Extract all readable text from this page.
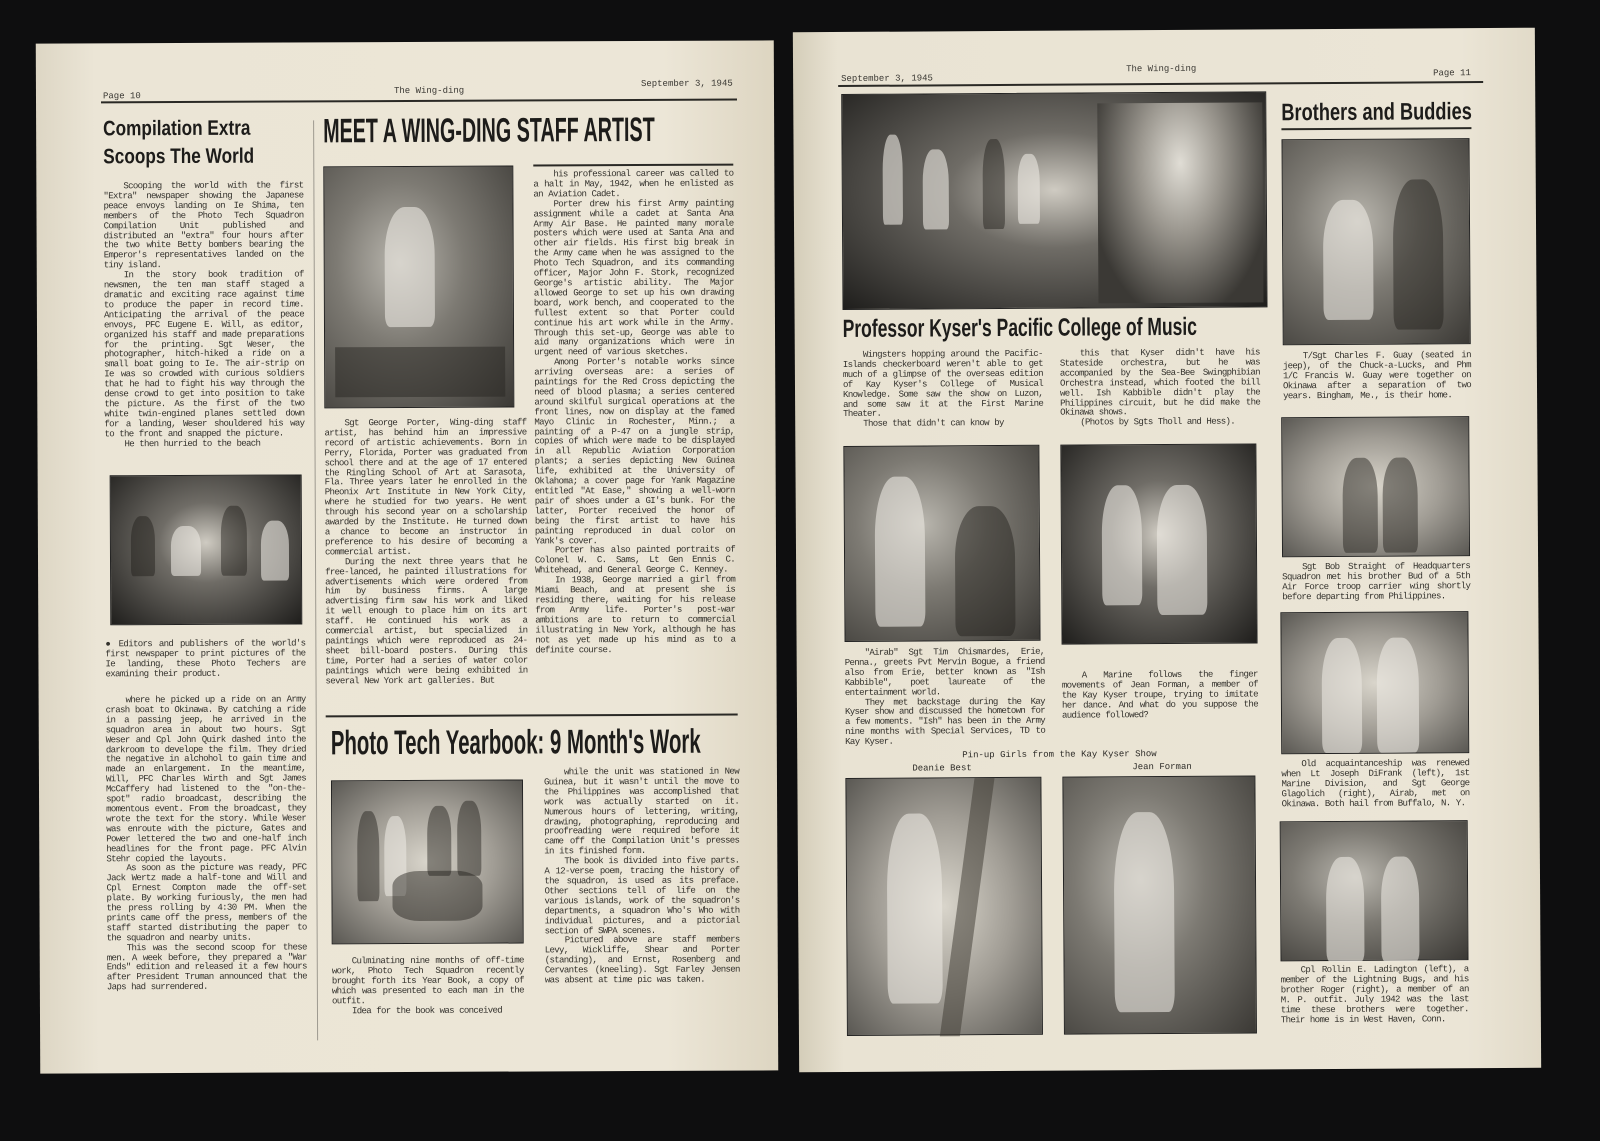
Page 10
The Wing-ding
September 3, 1945
Compilation Extra
Scoops The World

Scooping the world with the first "Extra" newspaper showing the Japanese peace envoys landing on Ie Shima, ten members of the Photo Tech Squadron Compilation Unit published and distributed an "extra" four hours after the two white Betty bombers bearing the Emperor's representatives landed on the tiny island.

In the story book tradition of newsmen, the ten man staff staged a dramatic and exciting race against time to produce the paper in record time. Anticipating the arrival of the peace envoys, PFC Eugene E. Will, as editor, organized his staff and made preparations for the printing. Sgt Weser, the photographer, hitch-hiked a ride on a small boat going to Ie. The air-strip on Ie was so crowded with curious soldiers that he had to fight his way through the dense crowd to get into position to take the picture. As the first of the two white twin-engined planes settled down for a landing, Weser shouldered his way to the front and snapped the picture.

He then hurried to the beach

● Editors and publishers of the world's first newspaper to print pictures of the Ie landing, these Photo Techers are examining their product.

where he picked up a ride on an Army crash boat to Okinawa. By catching a ride in a passing jeep, he arrived in the squadron area in about two hours. Sgt Weser and Cpl John Quirk dashed into the darkroom to develope the film. They dried the negative in alchohol to gain time and made an enlargement. In the meantime, Will, PFC Charles Wirth and Sgt James McCaffery had listened to the "on-the-spot" radio broadcast, describing the momentous event. From the broadcast, they wrote the text for the story. While Weser was enroute with the picture, Gates and Power lettered the two and one-half inch headlines for the front page. PFC Alvin Stehr copied the layouts.

As soon as the picture was ready, PFC Jack Wertz made a half-tone and Will and Cpl Ernest Compton made the off-set plate. By working furiously, the men had the press rolling by 4:30 PM. When the prints came off the press, members of the staff started distributing the paper to the squadron and nearby units.

This was the second scoop for these men. A week before, they prepared a "War Ends" edition and released it a few hours after President Truman announced that the Japs had surrendered.

MEET A WING-DING STAFF ARTIST

Sgt George Porter, Wing-ding staff artist, has behind him an impressive record of artistic achievements. Born in Perry, Florida, Porter was graduated from school there and at the age of 17 entered the Ringling School of Art at Sarasota, Fla. Three years later he enrolled in the Pheonix Art Institute in New York City, where he studied for two years. He went through his second year on a scholarship awarded by the Institute. He turned down a chance to become an instructor in preference to his desire of becoming a commercial artist.

During the next three years that he free-lanced, he painted illustrations for advertisements which were ordered from him by business firms. A large advertising firm saw his work and liked it well enough to place him on its art staff. He continued his work as a commercial artist, but specialized in paintings which were reproduced as 24-sheet bill-board posters. During this time, Porter had a series of water color paintings which were being exhibited in several New York art galleries. But

his professional career was called to a halt in May, 1942, when he enlisted as an Aviation Cadet.

Porter drew his first Army painting assignment while a cadet at Santa Ana Army Air Base. He painted many morale posters which were used at Santa Ana and other air fields. His first big break in the Army came when he was assigned to the Photo Tech Squadron, and its commanding officer, Major John F. Stork, recognized George's artistic ability. The Major allowed George to set up his own drawing board, work bench, and cooperated to the fullest extent so that Porter could continue his art work while in the Army. Through this set-up, George was able to aid many organizations which were in urgent need of various sketches.

Among Porter's notable works since arriving overseas are: a series of paintings for the Red Cross depicting the need of blood plasma; a series centered around skilful surgical operations at the front lines, now on display at the famed Mayo Clinic in Rochester, Minn.; a painting of a P-47 on a jungle strip, copies of which were made to be displayed in all Republic Aviation Corporation plants; a series depicting New Guinea life, exhibited at the University of Oklahoma; a cover page for Yank Magazine entitled "At Ease," showing a well-worn pair of shoes under a GI's bunk. For the latter, Porter received the honor of being the first artist to have his painting reproduced in dual color on Yank's cover.

Porter has also painted portraits of Colonel W. C. Sams, Lt Gen Ennis C. Whitehead, and General George C. Kenney.

In 1938, George married a girl from Miami Beach, and at present she is residing there, waiting for his release from Army life. Porter's post-war ambitions are to return to commercial illustrating in New York, although he has not as yet made up his mind as to a definite course.

Photo Tech Yearbook: 9 Month's Work

Culminating nine months of off-time work, Photo Tech Squadron recently brought forth its Year Book, a copy of which was presented to each man in the outfit.

Idea for the book was conceived

while the unit was stationed in New Guinea, but it wasn't until the move to the Philippines was accomplished that work was actually started on it. Numerous hours of lettering, writing, drawing, photographing, reproducing and proofreading were required before it came off the Compilation Unit's presses in its finished form.

The book is divided into five parts. A 12-verse poem, tracing the history of the squadron, is used as its preface. Other sections tell of life on the various islands, work of the squadron's departments, a squadron Who's Who with individual pictures, and a pictorial section of SWPA scenes.

Pictured above are staff members Levy, Wickliffe, Shear and Porter (standing), and Ernst, Rosenberg and Cervantes (kneeling). Sgt Farley Jensen was absent at time pic was taken.

September 3, 1945
The Wing-ding	Page 11
Professor Kyser's Pacific College of Music

Wingsters hopping around the Pacific-Islands checkerboard weren't able to get much of a glimpse of the overseas edition of Kay Kyser's College of Musical Knowledge. Some saw the show on Luzon, and some saw it at the First Marine Theater.

Those that didn't can know by

this that Kyser didn't have his Stateside orchestra, but he was accompanied by the Sea-Bee Swingphibian Orchestra instead, which footed the bill well. Ish Kabbible didn't play the Philippines circuit, but he did make the Okinawa shows.

(Photos by Sgts Tholl and Hess).

"Airab" Sgt Tim Chismardes, Erie, Penna., greets Pvt Mervin Bogue, a friend also from Erie, better known as "Ish Kabbible", poet laureate of the entertainment world.

They met backstage during the Kay Kyser show and discussed the hometown for a few moments. "Ish" has been in the Army nine months with Special Services, TD to Kay Kyser.

A Marine follows the finger movements of Jean Forman, a member of the Kay Kyser troupe, trying to imitate her dance. And what do you suppose the audience followed?

Pin-up Girls from the Kay Kyser Show
Deanie Best	Jean Forman
Brothers and Buddies

T/Sgt Charles F. Guay (seated in jeep), of the Chuck-a-Lucks, and Phm 1/C Francis W. Guay were together on Okinawa after a separation of two years. Bingham, Me., is their home.

Sgt Bob Straight of Headquarters Squadron met his brother Bud of a 5th Air Force troop carrier wing shortly before departing from Philippines.

Old acquaintanceship was renewed when Lt Joseph DiFrank (left), 1st Marine Division, and Sgt George Glagolich (right), Airab, met on Okinawa. Both hail from Buffalo, N. Y.

Cpl Rollin E. Ladington (left), a member of the Lightning Bugs, and his brother Roger (right), a member of an M. P. outfit. July 1942 was the last time these brothers were together. Their home is in West Haven, Conn.
